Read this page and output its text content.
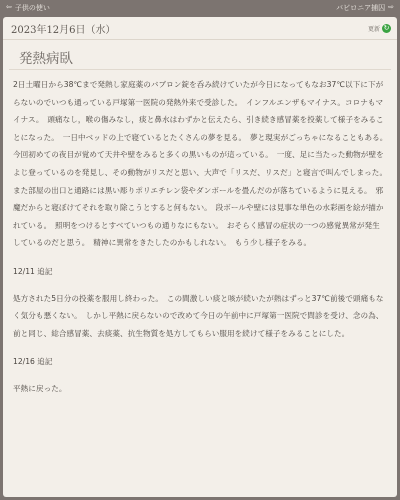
⇦ 子供の使い	バビロニア捕囚 ⇨
2023年12月6日（水）	更新 ↻
発熱病臥

2日土曜日から38℃まで発熱し家庭薬のバブロン錠を呑み続けていたが今日になってもなお37℃以下に下がらないのでいつも通っている戸塚第一医院の発熱外来で受診した。　インフルエンザもマイナス。コロナもマイナス。　頭痛なし，喉の傷みなし，痰と鼻水はわずかと伝えたら、引き続き感冒薬を投薬して様子をみることになった。　一日中ベッドの上で寝ているとたくさんの夢を見る。　夢と現実がごっちゃになることもある。　今回初めての夜目が覚めて天井や壁をみると多くの黒いものが這っている。　一度、足に当たった動物が壁をよじ登っているのを発見し、その動物がリスだと思い、大声で「リスだ、リスだ」と寝言で叫んでしまった。　また部屋の出口と通路には黒い彫りポリエチレン袋やダンボールを畳んだのが落ちているように見える。　邪魔だからと寝ぼけてそれを取り除こうとすると何もない。　段ボールや壁には見事な単色の水彩画を絵が描かれている。　照明をつけるとすべていつもの通りなにもない。　おそらく感冒の症状の一つの感覚異常が発生しているのだと思う。　精神に異常をきたしたのかもしれない。　もう少し様子をみる。

12/11 追記

処方された5日分の投薬を服用し終わった。　この間激しい痰と咳が続いたが熱はずっと37℃前後で頭痛もなく気分も悪くない。　しかし平熱に戻らないので改めて今日の午前中に戸塚第一医院で問診を受け、念の為、前と同じ、総合感冒薬、去痰薬、抗生物質を処方してもらい服用を続けて様子をみることにした。

12/16 追記

平熱に戻った。
